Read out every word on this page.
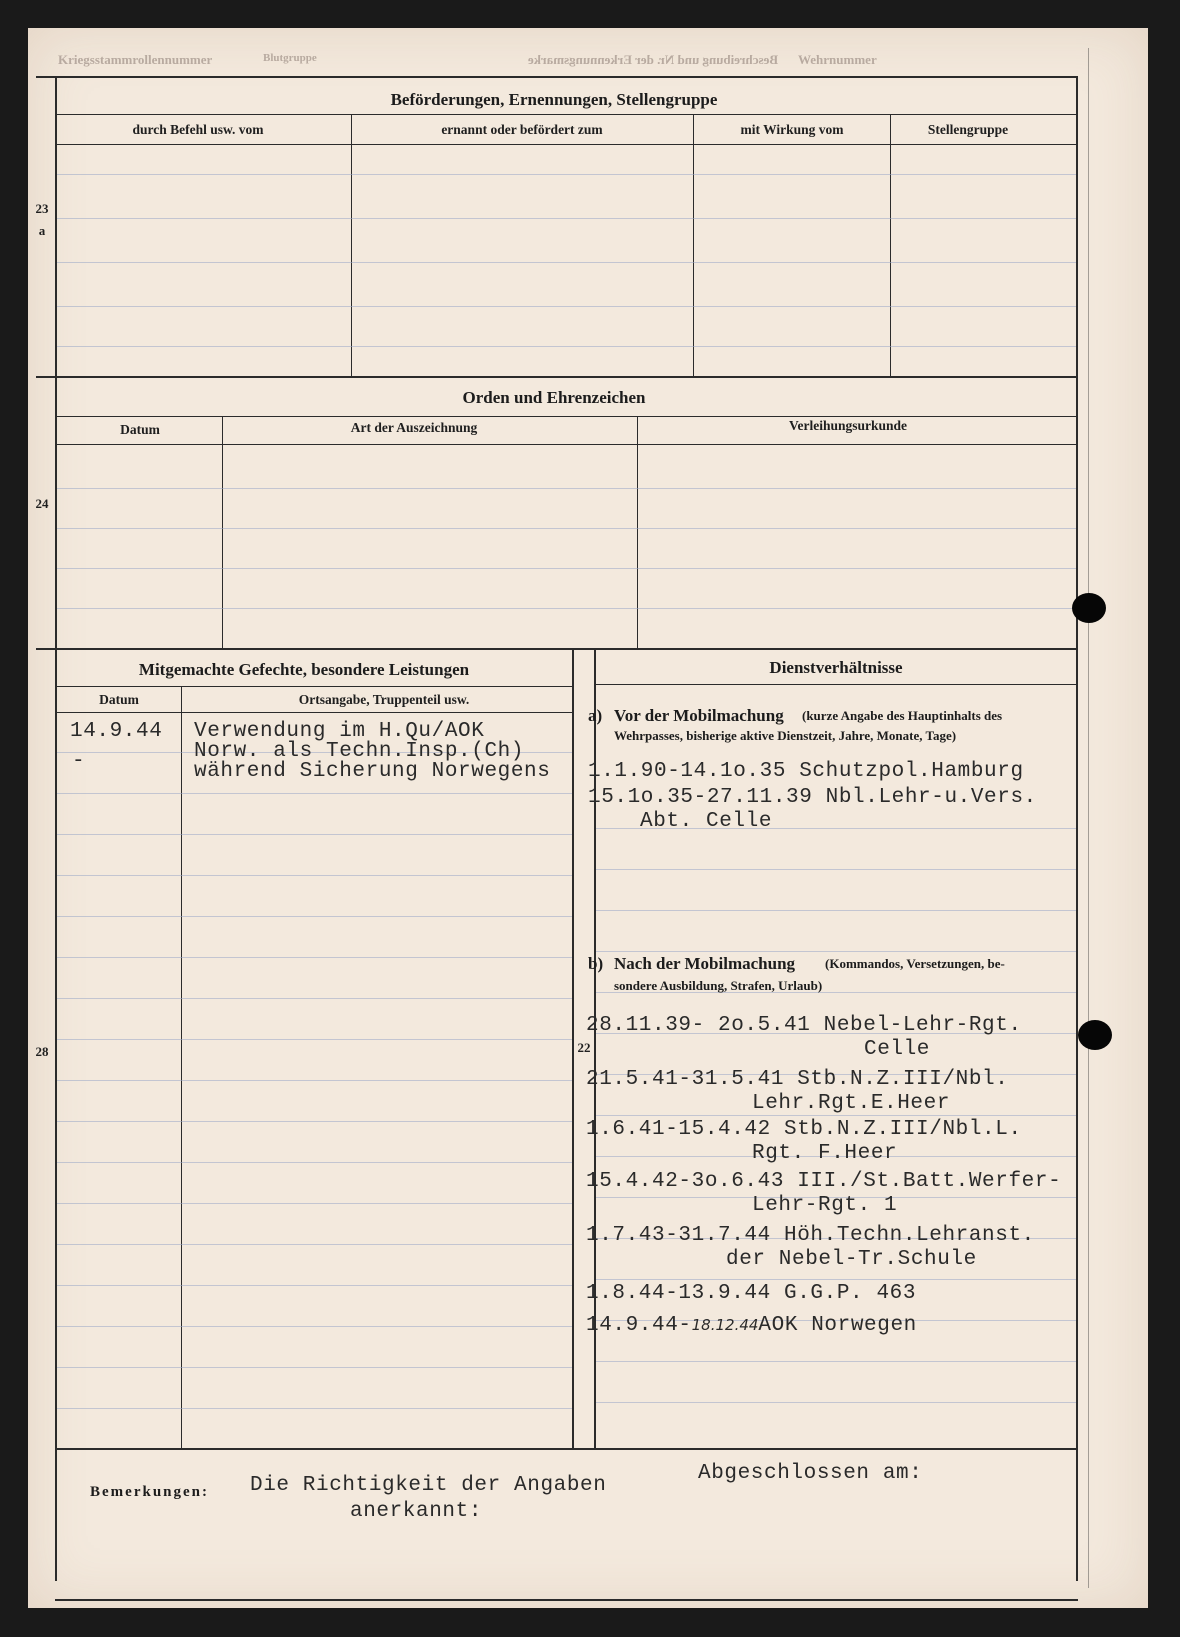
Wehrnummer
Beschreibung und Nr. der Erkennungsmarke
Blutgruppe
Kriegsstammrollennummer
23
a
Beförderungen, Ernennungen, Stellengruppe
durch Befehl usw. vom	ernannt oder befördert zum	mit Wirkung vom	Stellengruppe
24
Orden und Ehrenzeichen
Datum	Art der Auszeichnung	Verleihungsurkunde
28
Mitgemachte Gefechte, besondere Leistungen
Datum	Ortsangabe, Truppenteil usw.
14.9.44 Verwendung im H.Qu/AOK
Norw. als Techn.Insp.(Ch)
während Sicherung Norwegens
-
22
Dienstverhältnisse
a) Vor der Mobilmachung (kurze Angabe des Hauptinhalts des
Wehrpasses, bisherige aktive Dienstzeit, Jahre, Monate, Tage)
1.1.90-14.1o.35 Schutzpol.Hamburg
15.1o.35-27.11.39 Nbl.Lehr-u.Vers.
Abt. Celle
b) Nach der Mobilmachung (Kommandos, Versetzungen, be-
sondere Ausbildung, Strafen, Urlaub)
28.11.39- 2o.5.41 Nebel-Lehr-Rgt.
Celle
21.5.41-31.5.41 Stb.N.Z.III/Nbl.
Lehr.Rgt.E.Heer
1.6.41-15.4.42 Stb.N.Z.III/Nbl.L.
Rgt. F.Heer
15.4.42-3o.6.43 III./St.Batt.Werfer-
Lehr-Rgt. 1
1.7.43-31.7.44 Höh.Techn.Lehranst.
der Nebel-Tr.Schule
1.8.44-13.9.44 G.G.P. 463
14.9.44-18.12.44AOK Norwegen
Bemerkungen: Die Richtigkeit der Angaben
anerkannt:
Abgeschlossen am:
